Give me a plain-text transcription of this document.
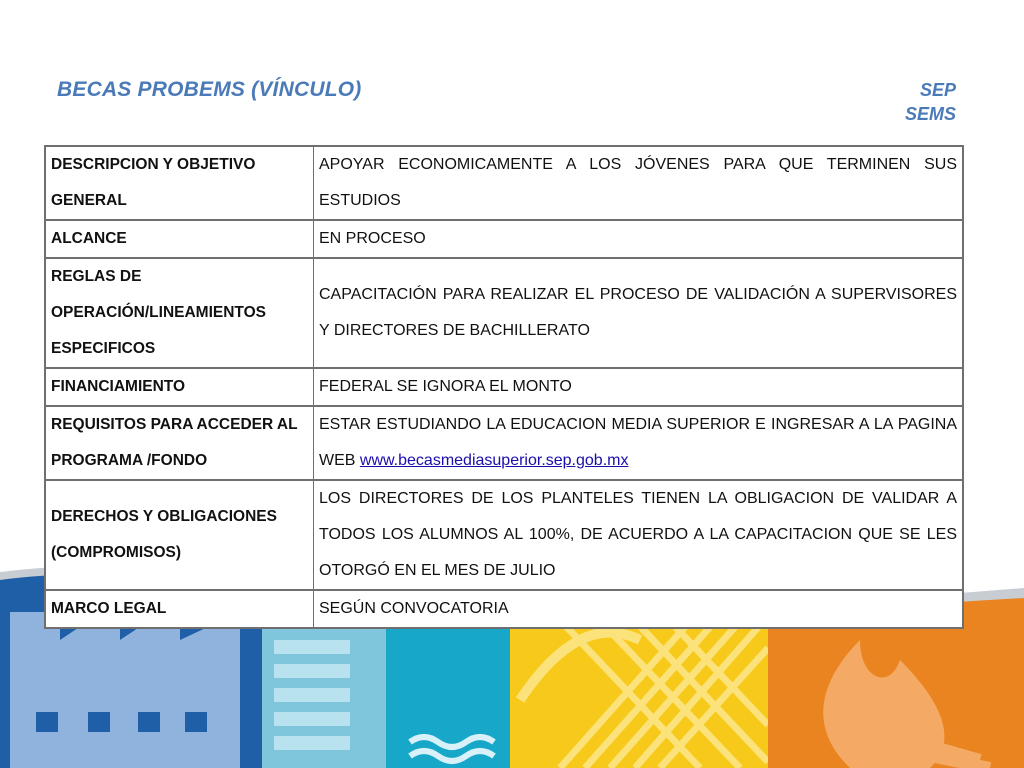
BECAS PROBEMS (VÍNCULO)	SEP
SEMS
DESCRIPCION Y OBJETIVO GENERAL	APOYAR ECONOMICAMENTE A LOS JÓVENES PARA QUE TERMINEN SUS ESTUDIOS
ALCANCE	EN PROCESO
REGLAS DE OPERACIÓN/LINEAMIENTOS ESPECIFICOS	CAPACITACIÓN PARA REALIZAR EL PROCESO DE VALIDACIÓN A SUPERVISORES Y DIRECTORES DE BACHILLERATO
FINANCIAMIENTO	FEDERAL SE IGNORA EL MONTO
REQUISITOS PARA ACCEDER AL PROGRAMA /FONDO	ESTAR ESTUDIANDO LA EDUCACION MEDIA SUPERIOR E INGRESAR A LA PAGINA WEB www.becasmediasuperior.sep.gob.mx
DERECHOS Y OBLIGACIONES (COMPROMISOS)	LOS DIRECTORES DE LOS PLANTELES TIENEN LA OBLIGACION DE VALIDAR A TODOS LOS ALUMNOS AL 100%, DE ACUERDO A LA CAPACITACION QUE SE LES OTORGÓ EN EL MES DE JULIO
MARCO LEGAL	SEGÚN CONVOCATORIA
